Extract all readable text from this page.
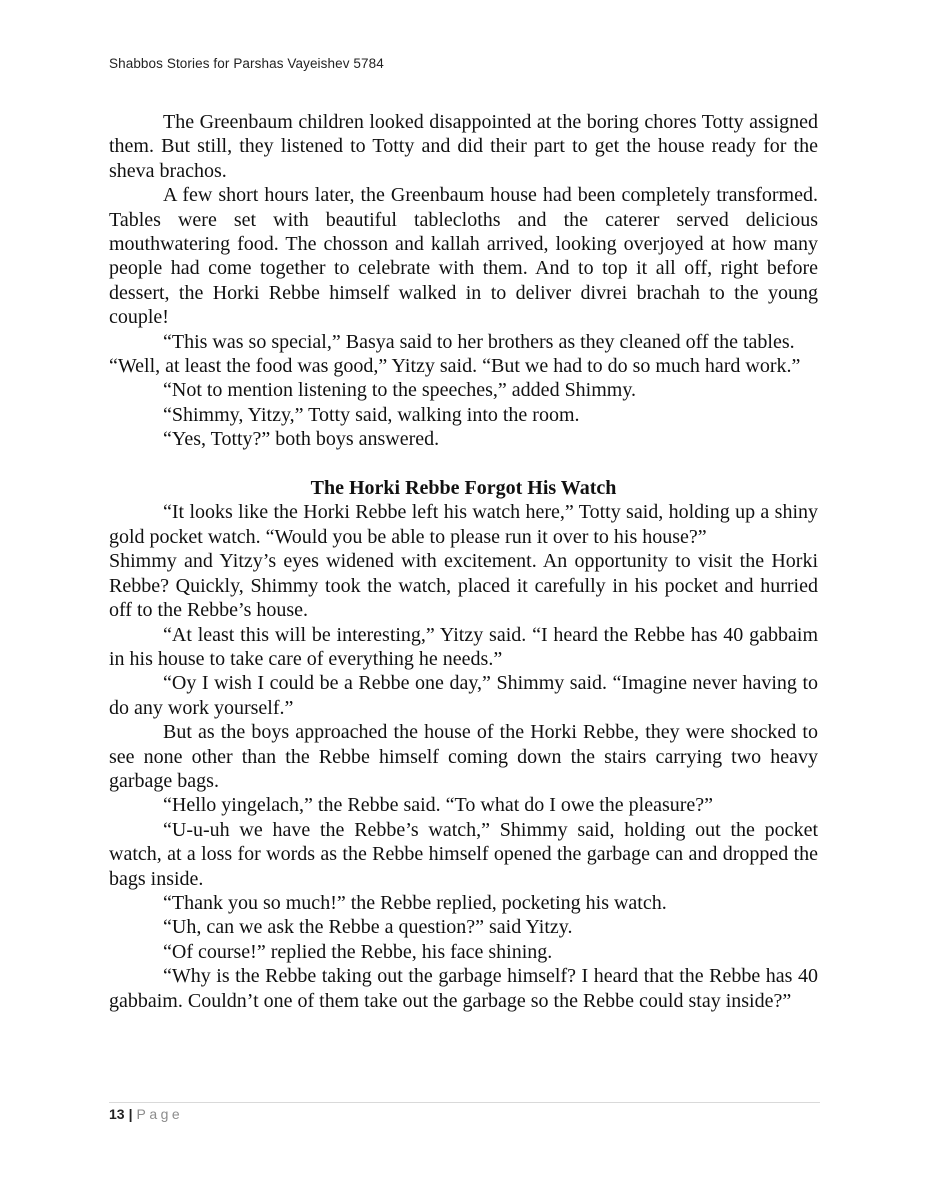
Shabbos Stories for Parshas Vayeishev 5784

The Greenbaum children looked disappointed at the boring chores Totty assigned them. But still, they listened to Totty and did their part to get the house ready for the sheva brachos.

A few short hours later, the Greenbaum house had been completely transformed. Tables were set with beautiful tablecloths and the caterer served delicious mouthwatering food. The chosson and kallah arrived, looking overjoyed at how many people had come together to celebrate with them. And to top it all off, right before dessert, the Horki Rebbe himself walked in to deliver divrei brachah to the young couple!

“This was so special,” Basya said to her brothers as they cleaned off the tables.

“Well, at least the food was good,” Yitzy said. “But we had to do so much hard work.”

“Not to mention listening to the speeches,” added Shimmy.

“Shimmy, Yitzy,” Totty said, walking into the room.

“Yes, Totty?” both boys answered.

The Horki Rebbe Forgot His Watch

“It looks like the Horki Rebbe left his watch here,” Totty said, holding up a shiny gold pocket watch. “Would you be able to please run it over to his house?”

Shimmy and Yitzy’s eyes widened with excitement. An opportunity to visit the Horki Rebbe? Quickly, Shimmy took the watch, placed it carefully in his pocket and hurried off to the Rebbe’s house.

“At least this will be interesting,” Yitzy said. “I heard the Rebbe has 40 gabbaim in his house to take care of everything he needs.”

“Oy I wish I could be a Rebbe one day,” Shimmy said. “Imagine never having to do any work yourself.”

But as the boys approached the house of the Horki Rebbe, they were shocked to see none other than the Rebbe himself coming down the stairs carrying two heavy garbage bags.

“Hello yingelach,” the Rebbe said. “To what do I owe the pleasure?”

“U-u-uh we have the Rebbe’s watch,” Shimmy said, holding out the pocket watch, at a loss for words as the Rebbe himself opened the garbage can and dropped the bags inside.

“Thank you so much!” the Rebbe replied, pocketing his watch.

“Uh, can we ask the Rebbe a question?” said Yitzy.

“Of course!” replied the Rebbe, his face shining.

“Why is the Rebbe taking out the garbage himself? I heard that the Rebbe has 40 gabbaim. Couldn’t one of them take out the garbage so the Rebbe could stay inside?”

13 | Page
